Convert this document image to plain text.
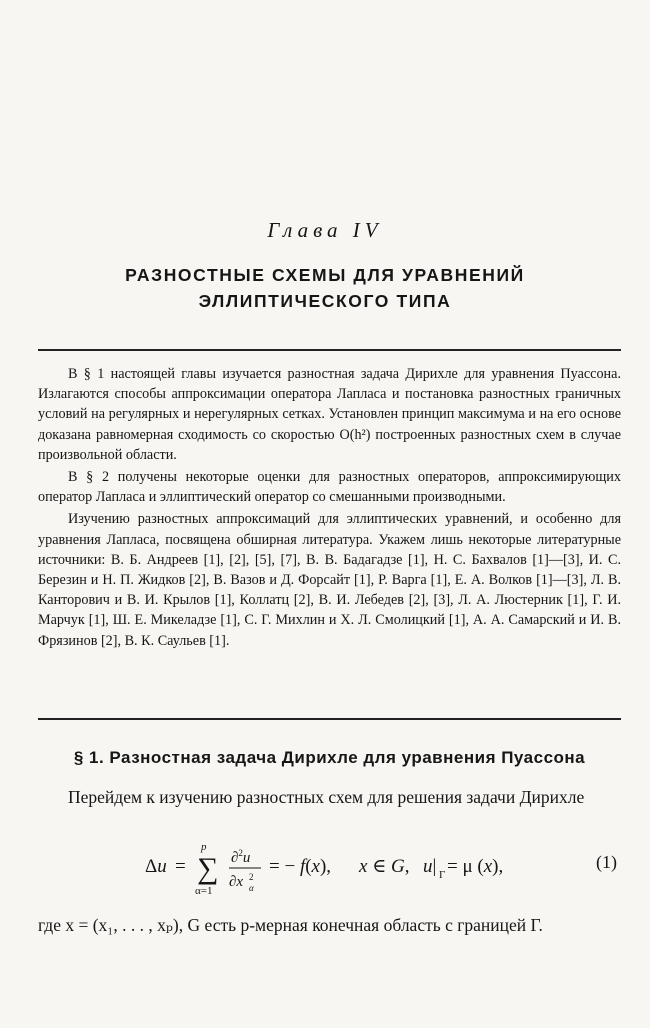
Глава IV
РАЗНОСТНЫЕ СХЕМЫ ДЛЯ УРАВНЕНИЙ
ЭЛЛИПТИЧЕСКОГО ТИПА

В § 1 настоящей главы изучается разностная задача Дирихле для уравнения Пуассона. Излагаются способы аппроксимации оператора Лапласа и постановка разностных граничных условий на регулярных и нерегулярных сетках. Установлен принцип максимума и на его основе доказана равномерная сходимость со скоростью O(h²) построенных разностных схем в случае произвольной области.

В § 2 получены некоторые оценки для разностных операторов, аппроксимирующих оператор Лапласа и эллиптический оператор со смешанными производными.

Изучению разностных аппроксимаций для эллиптических уравнений, и особенно для уравнения Лапласа, посвящена обширная литература. Укажем лишь некоторые литературные источники: В. Б. Андреев [1], [2], [5], [7], В. В. Бадагадзе [1], Н. С. Бахвалов [1]—[3], И. С. Березин и Н. П. Жидков [2], В. Вазов и Д. Форсайт [1], Р. Варга [1], Е. А. Волков [1]—[3], Л. В. Канторович и В. И. Крылов [1], Коллатц [2], В. И. Лебедев [2], [3], Л. А. Люстерник [1], Г. И. Марчук [1], Ш. Е. Микеладзе [1], С. Г. Михлин и Х. Л. Смолицкий [1], А. А. Самарский и И. В. Фрязинов [2], В. К. Саульев [1].

§ 1. Разностная задача Дирихле для уравнения Пуассона

Перейдем к изучению разностных схем для решения задачи Дирихле

Δu = ∑
p
α=1
∂$^2$u
∂x 2
α
= − f(x), x ∈ G, u| Γ = μ (x),	(1)

где x = (x₁, . . . , xₚ), G есть p-мерная конечная область с границей Γ.
